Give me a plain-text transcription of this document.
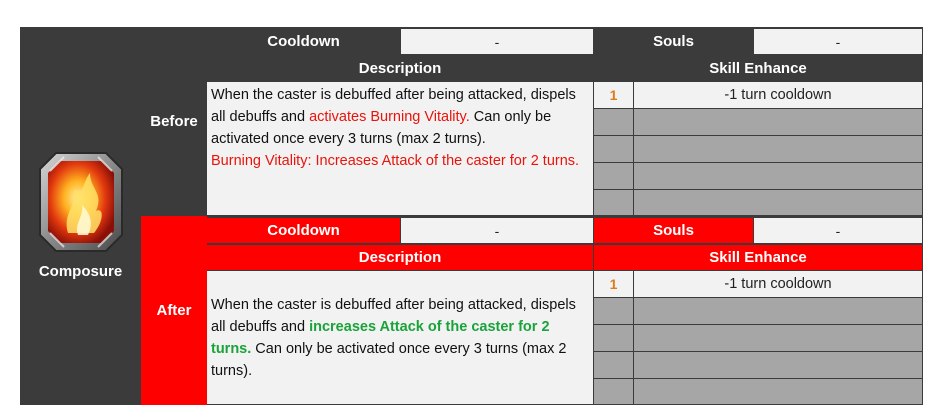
Composure
Before
Cooldown	-	Souls	-
Description	Skill Enhance
When the caster is debuffed after being attacked, dispels all debuffs and activates Burning Vitality. Can only be activated once every 3 turns (max 2 turns).
Burning Vitality: Increases Attack of the caster for 2 turns.
1	-1 turn cooldown
After
Cooldown	-	Souls	-
Description	Skill Enhance
When the caster is debuffed after being attacked, dispels all debuffs and increases Attack of the caster for 2 turns. Can only be activated once every 3 turns (max 2 turns).
1	-1 turn cooldown
